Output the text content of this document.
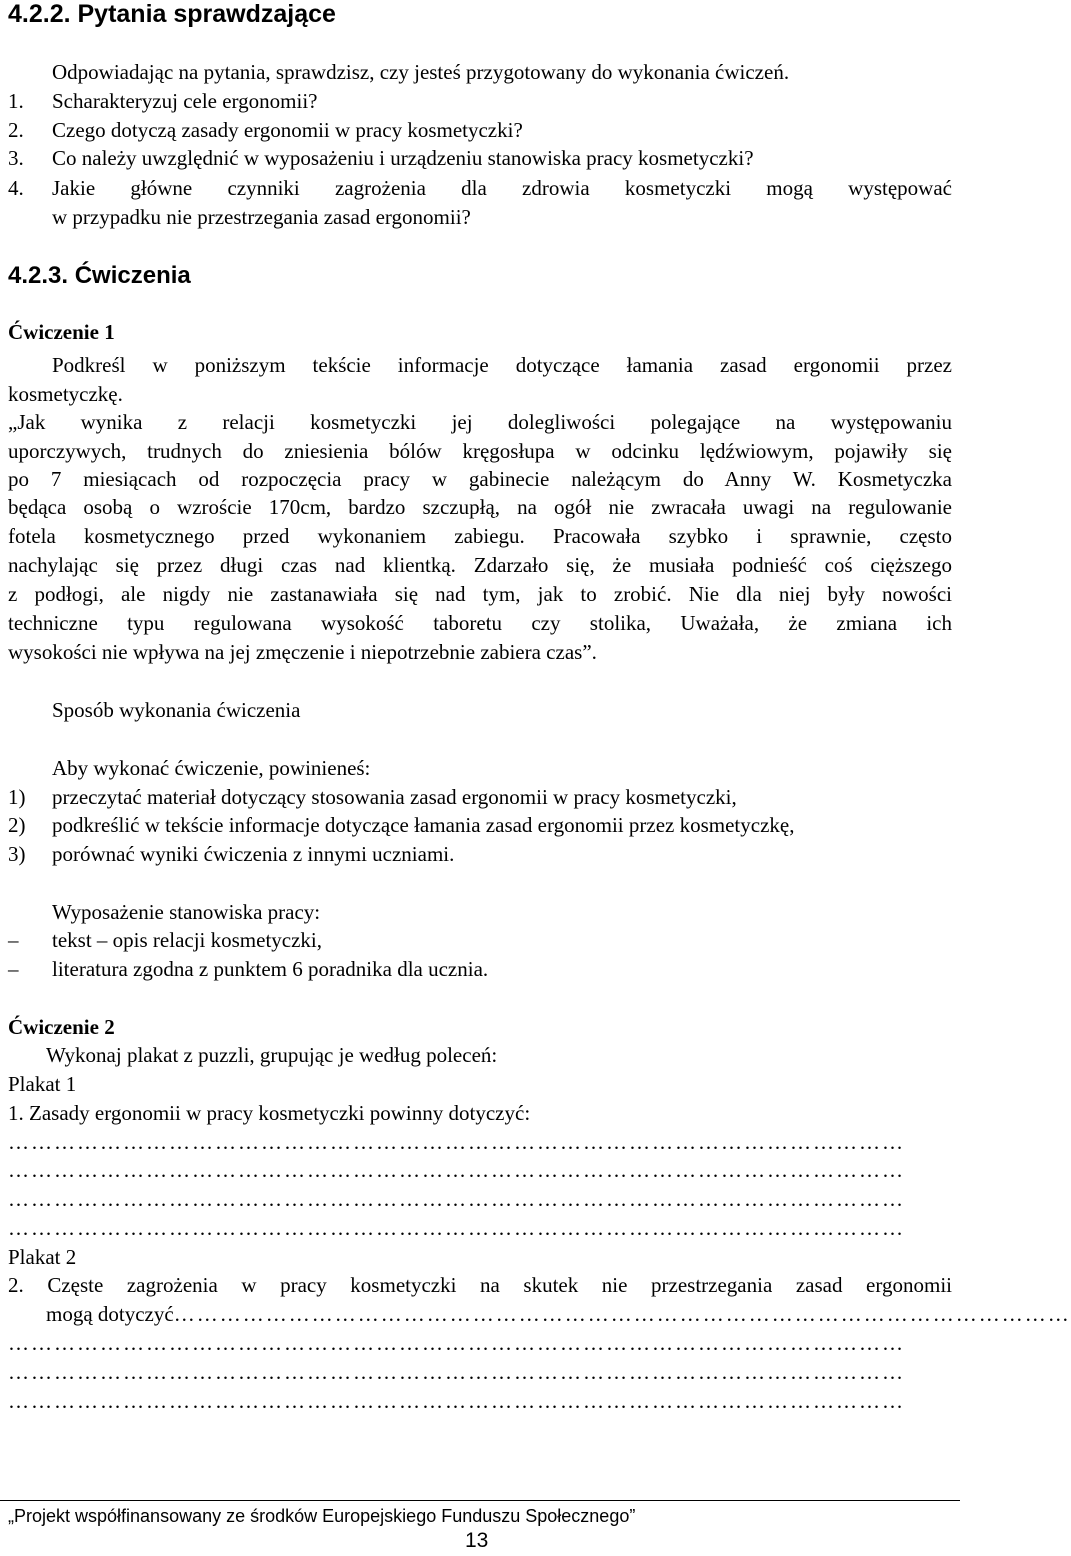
4.2.2. Pytania sprawdzające
Odpowiadając na pytania, sprawdzisz, czy jesteś przygotowany do wykonania ćwiczeń.
1. Scharakteryzuj cele ergonomii?
2. Czego dotyczą zasady ergonomii w pracy kosmetyczki?
3. Co należy uwzględnić w wyposażeniu i urządzeniu stanowiska pracy kosmetyczki?
4. Jakie główne czynniki zagrożenia dla zdrowia kosmetyczki mogą występować
w przypadku nie przestrzegania zasad ergonomii?
4.2.3. Ćwiczenia
Ćwiczenie 1
Podkreśl w poniższym tekście informacje dotyczące łamania zasad ergonomii przez
kosmetyczkę.
„Jak wynika z relacji kosmetyczki jej dolegliwości polegające na występowaniu
uporczywych, trudnych do zniesienia bólów kręgosłupa w odcinku lędźwiowym, pojawiły się
po 7 miesiącach od rozpoczęcia pracy w gabinecie należącym do Anny W. Kosmetyczka
będąca osobą o wzroście 170cm, bardzo szczupłą, na ogół nie zwracała uwagi na regulowanie
fotela kosmetycznego przed wykonaniem zabiegu. Pracowała szybko i sprawnie, często
nachylając się przez długi czas nad klientką. Zdarzało się, że musiała podnieść coś cięższego
z podłogi, ale nigdy nie zastanawiała się nad tym, jak to zrobić. Nie dla niej były nowości
techniczne typu regulowana wysokość taboretu czy stolika, Uważała, że zmiana ich
wysokości nie wpływa na jej zmęczenie i niepotrzebnie zabiera czas”.
Sposób wykonania ćwiczenia
Aby wykonać ćwiczenie, powinieneś:
1) przeczytać materiał dotyczący stosowania zasad ergonomii w pracy kosmetyczki,
2) podkreślić w tekście informacje dotyczące łamania zasad ergonomii przez kosmetyczkę,
3) porównać wyniki ćwiczenia z innymi uczniami.
Wyposażenie stanowiska pracy:
– tekst – opis relacji kosmetyczki,
– literatura zgodna z punktem 6 poradnika dla ucznia.
Ćwiczenie 2
Wykonaj plakat z puzzli, grupując je według poleceń:
Plakat 1
1. Zasady ergonomii w pracy kosmetyczki powinny dotyczyć:
………………………………………………………………………………………………………
………………………………………………………………………………………………………
………………………………………………………………………………………………………
………………………………………………………………………………………………………
Plakat 2
2. Częste zagrożenia w pracy kosmetyczki na skutek nie przestrzegania zasad ergonomii
mogą dotyczyć………………………………………………………………………………………………………
………………………………………………………………………………………………………
………………………………………………………………………………………………………
………………………………………………………………………………………………………
„Projekt współfinansowany ze środków Europejskiego Funduszu Społecznego”
13
